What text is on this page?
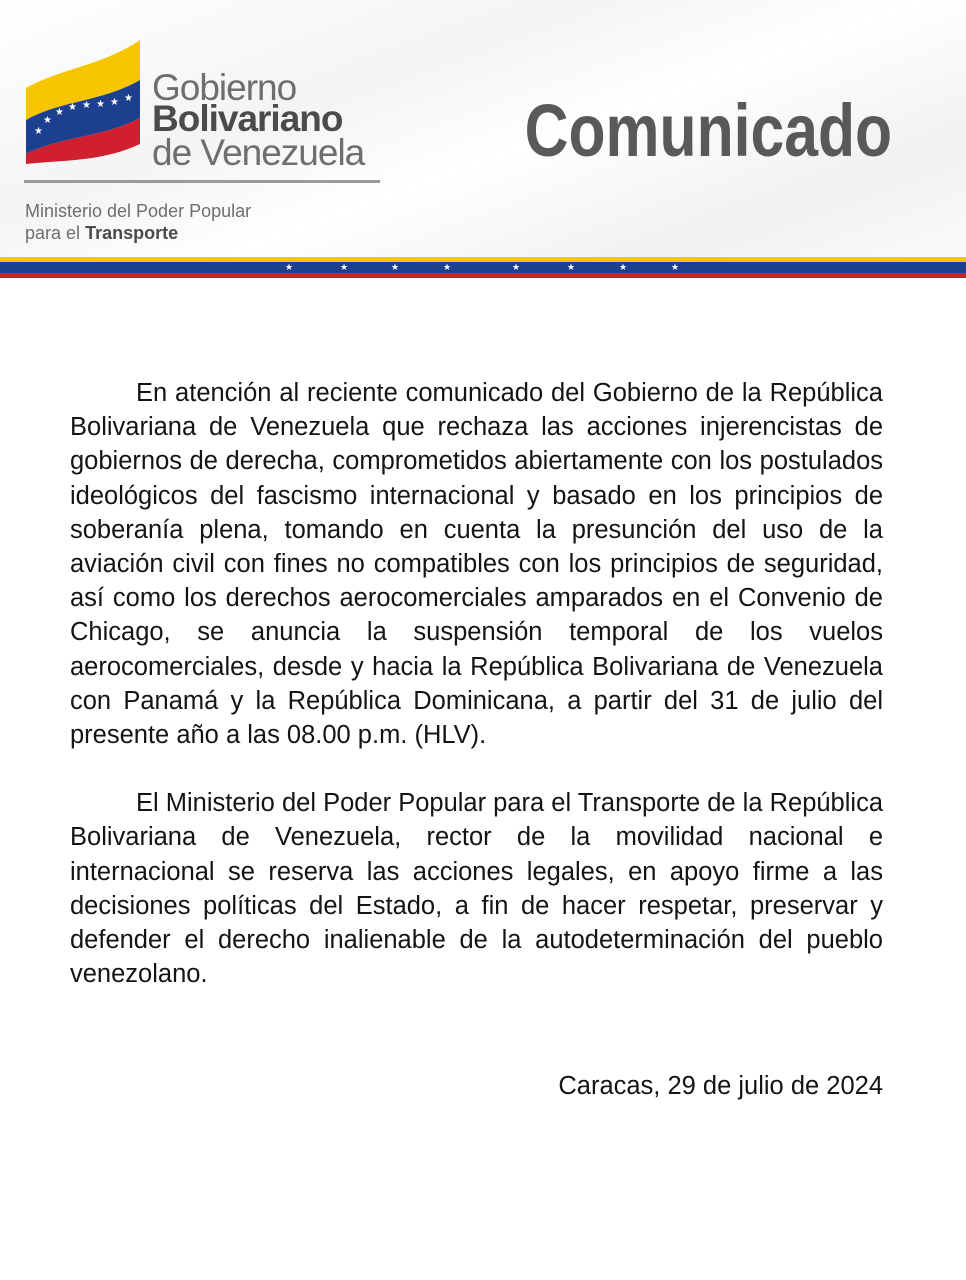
★
★
★ ★ ★ ★ ★ ★ Gobierno
Bolivariano
de Venezuela
Ministerio del Poder Popular
para el Transporte
Comunicado
★	★	★	★	★	★	★	★

En atención al reciente comunicado del Gobierno de la República Bolivariana de Venezuela que rechaza las acciones injerencistas de gobiernos de derecha, comprometidos abiertamente con los postulados ideológicos del fascismo internacional y basado en los principios de soberanía plena, tomando en cuenta la presunción del uso de la aviación civil con fines no compatibles con los principios de seguridad, así como los derechos aerocomerciales amparados en el Convenio de Chicago, se anuncia la suspensión temporal de los vuelos aerocomerciales, desde y hacia la República Bolivariana de Venezuela con Panamá y la República Dominicana, a partir del 31 de julio del presente año a las 08.00 p.m. (HLV).

El Ministerio del Poder Popular para el Transporte de la República Bolivariana de Venezuela, rector de la movilidad nacional e internacional se reserva las acciones legales, en apoyo firme a las decisiones políticas del Estado, a fin de hacer respetar, preservar y defender el derecho inalienable de la autodeterminación del pueblo venezolano.

Caracas, 29 de julio de 2024
